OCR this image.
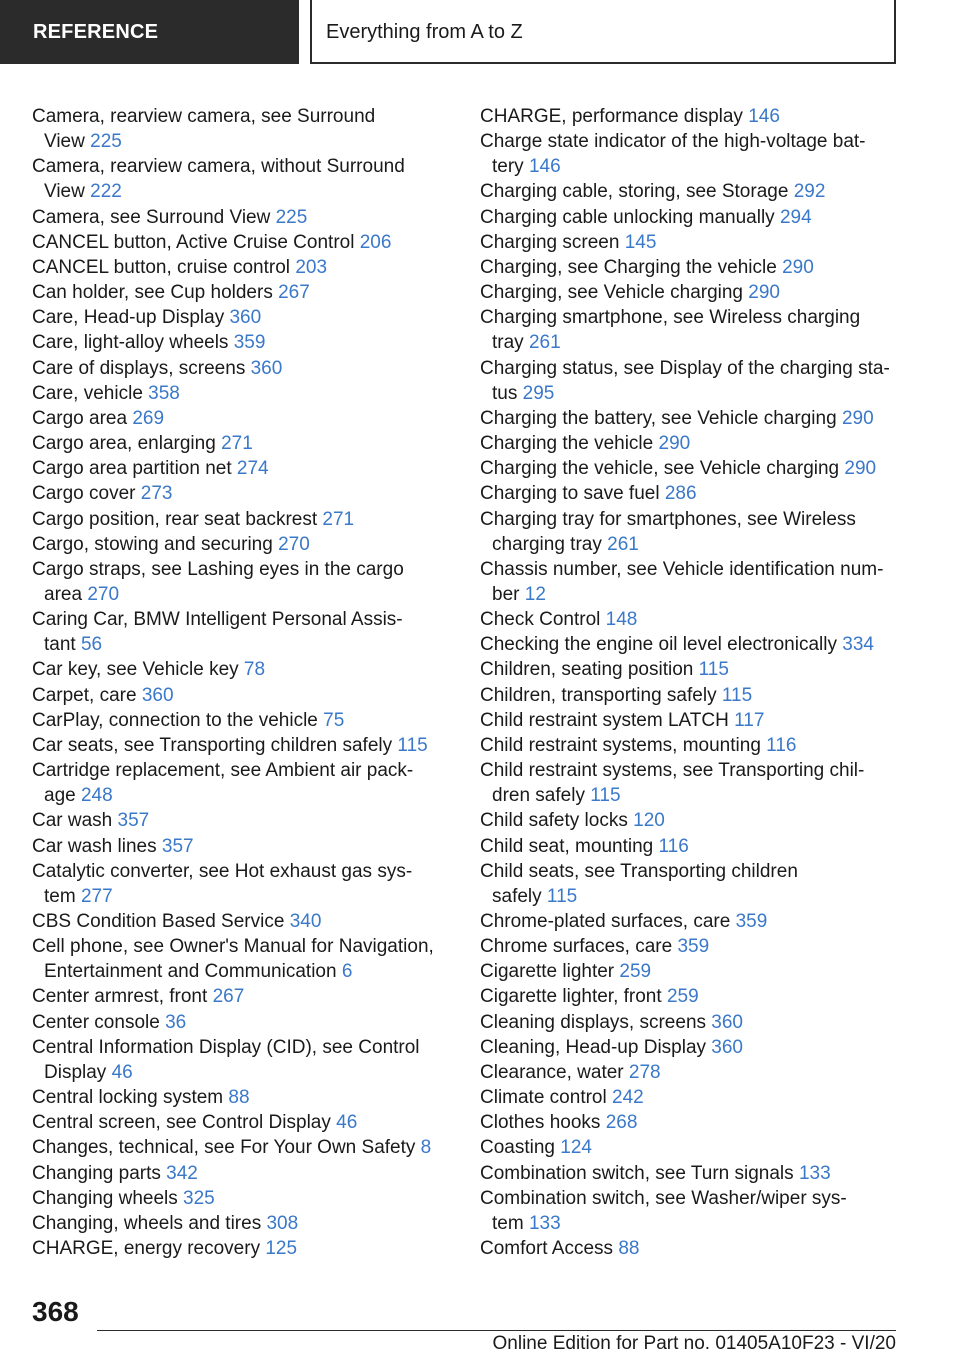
REFERENCE	Everything from A to Z
Camera, rearview camera, see Surround
View 225
Camera, rearview camera, without Surround
View 222
Camera, see Surround View 225
CANCEL button, Active Cruise Control 206
CANCEL button, cruise control 203
Can holder, see Cup holders 267
Care, Head-up Display 360
Care, light-alloy wheels 359
Care of displays, screens 360
Care, vehicle 358
Cargo area 269
Cargo area, enlarging 271
Cargo area partition net 274
Cargo cover 273
Cargo position, rear seat backrest 271
Cargo, stowing and securing 270
Cargo straps, see Lashing eyes in the cargo
area 270
Caring Car, BMW Intelligent Personal Assis-
tant 56
Car key, see Vehicle key 78
Carpet, care 360
CarPlay, connection to the vehicle 75
Car seats, see Transporting children safely 115
Cartridge replacement, see Ambient air pack-
age 248
Car wash 357
Car wash lines 357
Catalytic converter, see Hot exhaust gas sys-
tem 277
CBS Condition Based Service 340
Cell phone, see Owner's Manual for Navigation,
Entertainment and Communication 6
Center armrest, front 267
Center console 36
Central Information Display (CID), see Control
Display 46
Central locking system 88
Central screen, see Control Display 46
Changes, technical, see For Your Own Safety 8
Changing parts 342
Changing wheels 325
Changing, wheels and tires 308
CHARGE, energy recovery 125
CHARGE, performance display 146
Charge state indicator of the high-voltage bat-
tery 146
Charging cable, storing, see Storage 292
Charging cable unlocking manually 294
Charging screen 145
Charging, see Charging the vehicle 290
Charging, see Vehicle charging 290
Charging smartphone, see Wireless charging
tray 261
Charging status, see Display of the charging sta-
tus 295
Charging the battery, see Vehicle charging 290
Charging the vehicle 290
Charging the vehicle, see Vehicle charging 290
Charging to save fuel 286
Charging tray for smartphones, see Wireless
charging tray 261
Chassis number, see Vehicle identification num-
ber 12
Check Control 148
Checking the engine oil level electronically 334
Children, seating position 115
Children, transporting safely 115
Child restraint system LATCH 117
Child restraint systems, mounting 116
Child restraint systems, see Transporting chil-
dren safely 115
Child safety locks 120
Child seat, mounting 116
Child seats, see Transporting children
safely 115
Chrome-plated surfaces, care 359
Chrome surfaces, care 359
Cigarette lighter 259
Cigarette lighter, front 259
Cleaning displays, screens 360
Cleaning, Head-up Display 360
Clearance, water 278
Climate control 242
Clothes hooks 268
Coasting 124
Combination switch, see Turn signals 133
Combination switch, see Washer/wiper sys-
tem 133
Comfort Access 88
368
Online Edition for Part no. 01405A10F23 - VI/20
